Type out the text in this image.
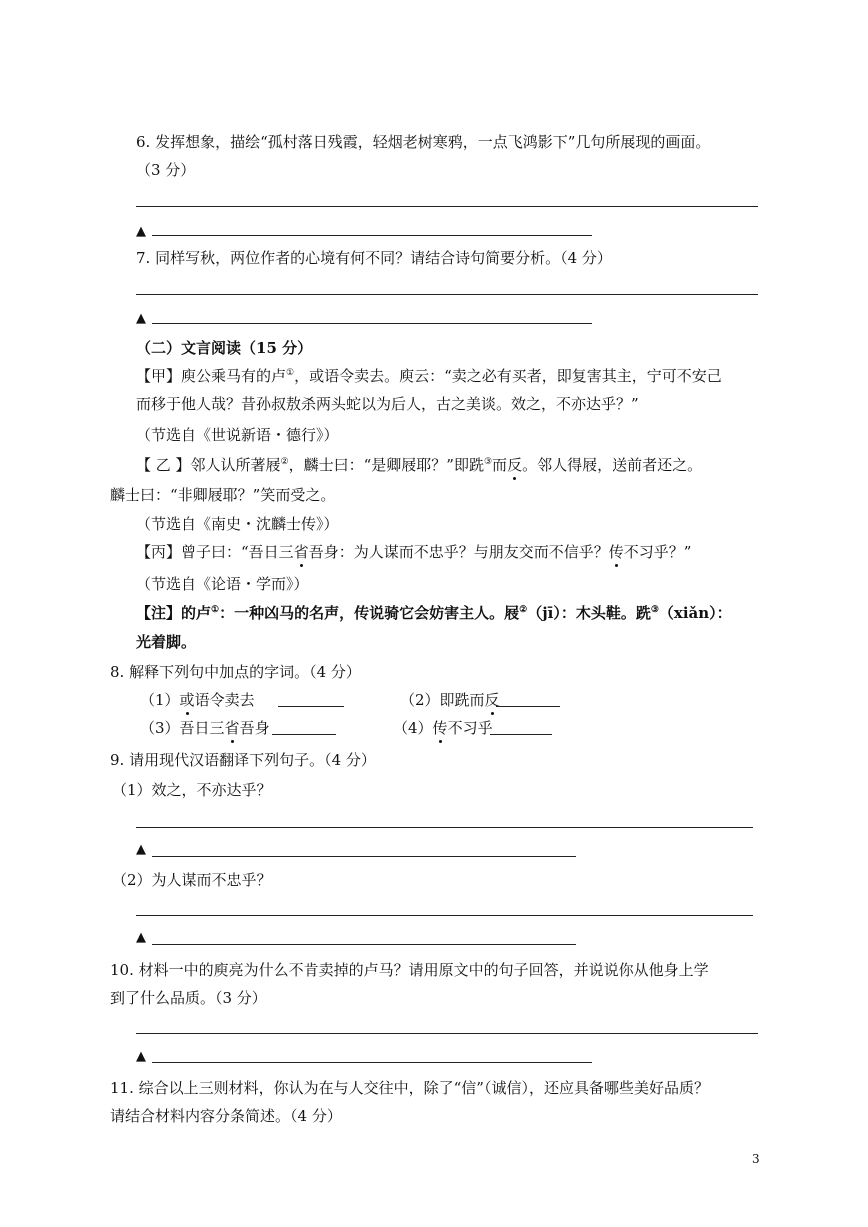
6. 发挥想象，描绘“孤村落日残霞，轻烟老树寒鸦，一点飞鸿影下”几句所展现的画面。
（3 分）
▲
7. 同样写秋，两位作者的心境有何不同？请结合诗句简要分析。（4 分）
▲
（二）文言阅读（15 分）
【甲】庾公乘马有的卢①，或语令卖去。庾云：“卖之必有买者，即复害其主，宁可不安己
而移于他人哉？昔孙叔敖杀两头蛇以为后人，古之美谈。效之，不亦达乎？”
（节选自《世说新语・德行》）
【 乙 】邻人认所著屐②，麟士曰：“是卿屐耶？”即跣③而反。邻人得屐，送前者还之。
麟士曰：“非卿屐耶？”笑而受之。
（节选自《南史・沈麟士传》）
【丙】曾子曰：“吾日三省吾身：为人谋而不忠乎？与朋友交而不信乎？传不习乎？”
（节选自《论语・学而》）
【注】的卢①：一种凶马的名声，传说骑它会妨害主人。屐②（jī）：木头鞋。跣③（xiǎn）：
光着脚。
8. 解释下列句中加点的字词。（4 分）
（1）或语令卖去	（2）即跣而反
（3）吾日三省吾身	（4）传不习乎
9. 请用现代汉语翻译下列句子。（4 分）
（1）效之，不亦达乎？
▲
（2）为人谋而不忠乎？
▲
10. 材料一中的庾亮为什么不肯卖掉的卢马？请用原文中的句子回答，并说说你从他身上学
到了什么品质。（3 分）
▲
11. 综合以上三则材料，你认为在与人交往中，除了“信”（诚信），还应具备哪些美好品质？
请结合材料内容分条简述。（4 分）
3
